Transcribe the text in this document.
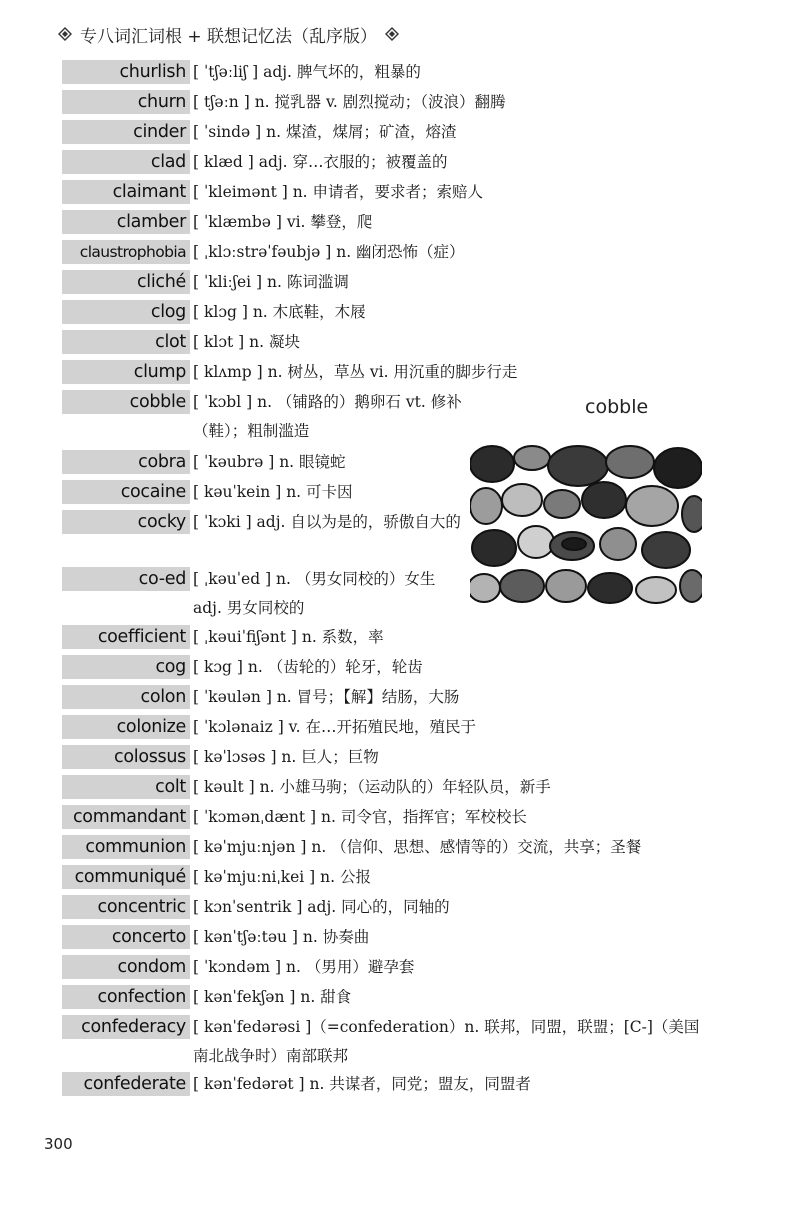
专八词汇词根 + 联想记忆法（乱序版）
churlish [ ˈtʃəːliʃ ] adj. 脾气坏的，粗暴的
churn [ tʃəːn ] n. 搅乳器 v. 剧烈搅动；（波浪）翻腾
cinder [ ˈsində ] n. 煤渣，煤屑；矿渣，熔渣
clad [ klæd ] adj. 穿…衣服的；被覆盖的
claimant [ ˈkleimənt ] n. 申请者，要求者；索赔人
clamber [ ˈklæmbə ] vi. 攀登，爬
claustrophobia [ ˌklɔːstrəˈfəubjə ] n. 幽闭恐怖（症）
cliché [ ˈkliːʃei ] n. 陈词滥调
clog [ klɔg ] n. 木底鞋，木屐
clot [ klɔt ] n. 凝块
clump [ klʌmp ] n. 树丛，草丛 vi. 用沉重的脚步行走
cobble [ ˈkɔbl ] n. （铺路的）鹅卵石 vt. 修补（鞋）；粗制滥造
cobra [ ˈkəubrə ] n. 眼镜蛇
cocaine [ kəuˈkein ] n. 可卡因
cocky [ ˈkɔki ] adj. 自以为是的，骄傲自大的
co-ed [ ˌkəuˈed ] n. （男女同校的）女生 adj. 男女同校的
coefficient [ ˌkəuiˈfiʃənt ] n. 系数，率
cog [ kɔg ] n. （齿轮的）轮牙，轮齿
colon [ ˈkəulən ] n. 冒号；【解】结肠，大肠
colonize [ ˈkɔlənaiz ] v. 在…开拓殖民地，殖民于
colossus [ kəˈlɔsəs ] n. 巨人；巨物
colt [ kəult ] n. 小雄马驹；（运动队的）年轻队员，新手
commandant [ ˈkɔmənˌdænt ] n. 司令官，指挥官；军校校长
communion [ kəˈmjuːnjən ] n. （信仰、思想、感情等的）交流，共享；圣餐
communiqué [ kəˈmjuːniˌkei ] n. 公报
concentric [ kɔnˈsentrik ] adj. 同心的，同轴的
concerto [ kənˈtʃəːtəu ] n. 协奏曲
condom [ ˈkɔndəm ] n. （男用）避孕套
confection [ kənˈfekʃən ] n. 甜食
confederacy [ kənˈfedərəsi ]（=confederation）n. 联邦，同盟，联盟；[C-]（美国南北战争时）南部联邦
confederate [ kənˈfedərət ] n. 共谋者，同党；盟友，同盟者
cobble
300
